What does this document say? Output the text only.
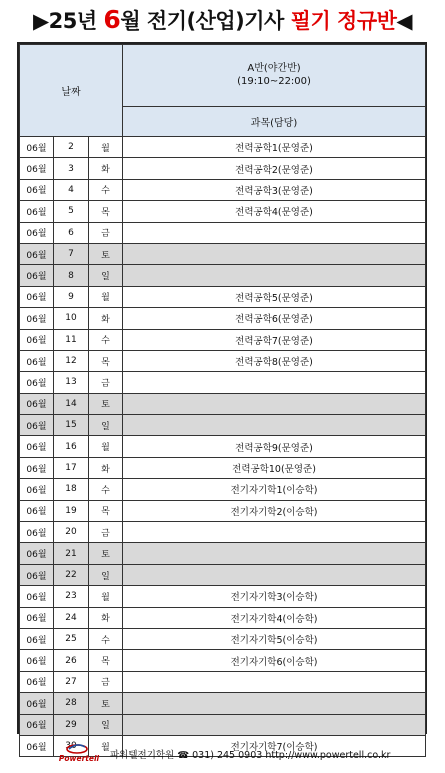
▶25년 6월 전기(산업)기사 필기 정규반◀
날짜			A반(야간반)
(19:10~22:00)

			과목(담당)
06월	2	월	전력공학1(문영준)
06월	3	화	전력공학2(문영준)
06월	4	수	전력공학3(문영준)
06월	5	목	전력공학4(문영준)
06월	6	금	
06월	7	토	
06월	8	일	
06월	9	월	전력공학5(문영준)
06월	10	화	전력공학6(문영준)
06월	11	수	전력공학7(문영준)
06월	12	목	전력공학8(문영준)
06월	13	금	
06월	14	토	
06월	15	일	
06월	16	월	전력공학9(문영준)
06월	17	화	전력공학10(문영준)
06월	18	수	전기자기학1(이승학)
06월	19	목	전기자기학2(이승학)
06월	20	금	
06월	21	토	
06월	22	일	
06월	23	월	전기자기학3(이승학)
06월	24	화	전기자기학4(이승학)
06월	25	수	전기자기학5(이승학)
06월	26	목	전기자기학6(이승학)
06월	27	금	
06월	28	토	
06월	29	일	
06월	30	월	전기자기학7(이승학)
Powertell	파워텔전기학원 ☎ 031) 245 0903 http://www.powertell.co.kr
